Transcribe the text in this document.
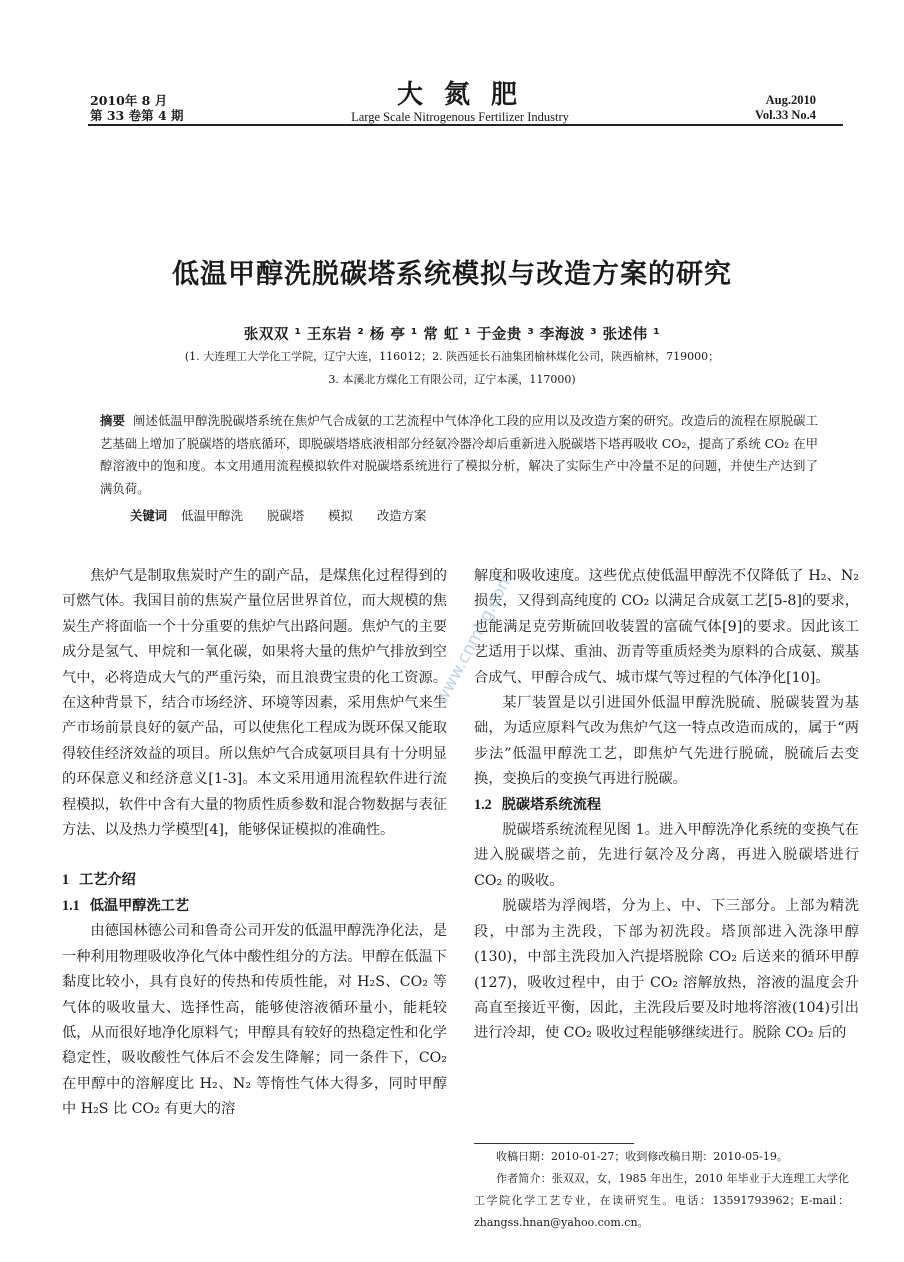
2010年 8 月
第 33 卷第 4 期
大 氮 肥
Large Scale Nitrogenous Fertilizer Industry
Aug.2010
Vol.33 No.4
低温甲醇洗脱碳塔系统模拟与改造方案的研究
张双双 ¹ 王东岩 ² 杨 亭 ¹ 常 虹 ¹ 于金贵 ³ 李海波 ³ 张述伟 ¹
(1. 大连理工大学化工学院，辽宁大连，116012；2. 陕西延长石油集团榆林煤化公司，陕西榆林，719000；
3. 本溪北方煤化工有限公司，辽宁本溪，117000)
摘要 阐述低温甲醇洗脱碳塔系统在焦炉气合成氨的工艺流程中气体净化工段的应用以及改造方案的研究。改造后的流程在原脱碳工艺基础上增加了脱碳塔的塔底循环，即脱碳塔塔底液相部分经氨冷器冷却后重新进入脱碳塔下塔再吸收 CO₂，提高了系统 CO₂ 在甲醇溶液中的饱和度。本文用通用流程模拟软件对脱碳塔系统进行了模拟分析，解决了实际生产中冷量不足的问题，并使生产达到了满负荷。
关键词 低温甲醇洗 脱碳塔 模拟 改造方案

焦炉气是制取焦炭时产生的副产品，是煤焦化过程得到的可燃气体。我国目前的焦炭产量位居世界首位，而大规模的焦炭生产将面临一个十分重要的焦炉气出路问题。焦炉气的主要成分是氢气、甲烷和一氧化碳，如果将大量的焦炉气排放到空气中，必将造成大气的严重污染，而且浪费宝贵的化工资源。在这种背景下，结合市场经济、环境等因素，采用焦炉气来生产市场前景良好的氨产品，可以使焦化工程成为既环保又能取得较佳经济效益的项目。所以焦炉气合成氨项目具有十分明显的环保意义和经济意义[1-3]。本文采用通用流程软件进行流程模拟，软件中含有大量的物质性质参数和混合物数据与表征方法、以及热力学模型[4]，能够保证模拟的准确性。

1 工艺介绍
1.1 低温甲醇洗工艺

由德国林德公司和鲁奇公司开发的低温甲醇洗净化法，是一种利用物理吸收净化气体中酸性组分的方法。甲醇在低温下黏度比较小，具有良好的传热和传质性能，对 H₂S、CO₂ 等气体的吸收量大、选择性高，能够使溶液循环量小，能耗较低，从而很好地净化原料气；甲醇具有较好的热稳定性和化学稳定性，吸收酸性气体后不会发生降解；同一条件下，CO₂ 在甲醇中的溶解度比 H₂、N₂ 等惰性气体大得多，同时甲醇中 H₂S 比 CO₂ 有更大的溶

解度和吸收速度。这些优点使低温甲醇洗不仅降低了 H₂、N₂ 损失，又得到高纯度的 CO₂ 以满足合成氨工艺[5-8]的要求，也能满足克劳斯硫回收装置的富硫气体[9]的要求。因此该工艺适用于以煤、重油、沥青等重质烃类为原料的合成氨、羰基合成气、甲醇合成气、城市煤气等过程的气体净化[10]。

某厂装置是以引进国外低温甲醇洗脱硫、脱碳装置为基础，为适应原料气改为焦炉气这一特点改造而成的，属于“两步法”低温甲醇洗工艺，即焦炉气先进行脱硫，脱硫后去变换，变换后的变换气再进行脱碳。

1.2 脱碳塔系统流程

脱碳塔系统流程见图 1。进入甲醇洗净化系统的变换气在进入脱碳塔之前，先进行氨冷及分离，再进入脱碳塔进行 CO₂ 的吸收。

脱碳塔为浮阀塔，分为上、中、下三部分。上部为精洗段，中部为主洗段，下部为初洗段。塔顶部进入洗涤甲醇(130)，中部主洗段加入汽提塔脱除 CO₂ 后送来的循环甲醇(127)，吸收过程中，由于 CO₂ 溶解放热，溶液的温度会升高直至接近平衡，因此，主洗段后要及时地将溶液(104)引出进行冷却，使 CO₂ 吸收过程能够继续进行。脱除 CO₂ 后的

收稿日期：2010-01-27；收到修改稿日期：2010-05-19。
作者简介：张双双，女，1985 年出生，2010 年毕业于大连理工大学化工学院化学工艺专业，在读研究生。电话：13591793962；E-mail：zhangss.hnan@yahoo.com.cn。
www.cnmhg.com
